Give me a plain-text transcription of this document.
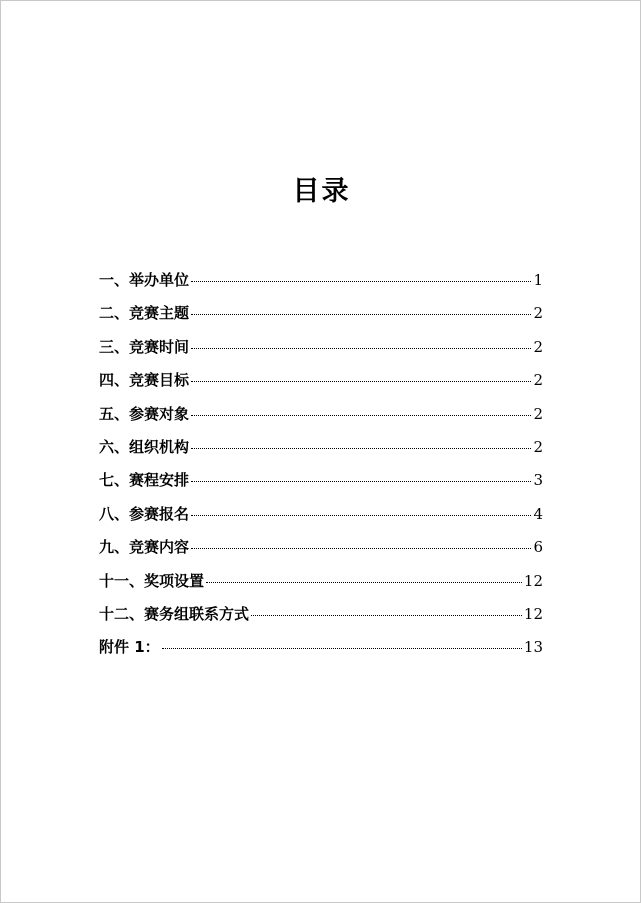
目录
一、举办单位	1
二、竞赛主题	2
三、竞赛时间	2
四、竞赛目标	2
五、参赛对象	2
六、组织机构	2
七、赛程安排	3
八、参赛报名	4
九、竞赛内容	6
十一、奖项设置	12
十二、赛务组联系方式	12
附件 1：	13
